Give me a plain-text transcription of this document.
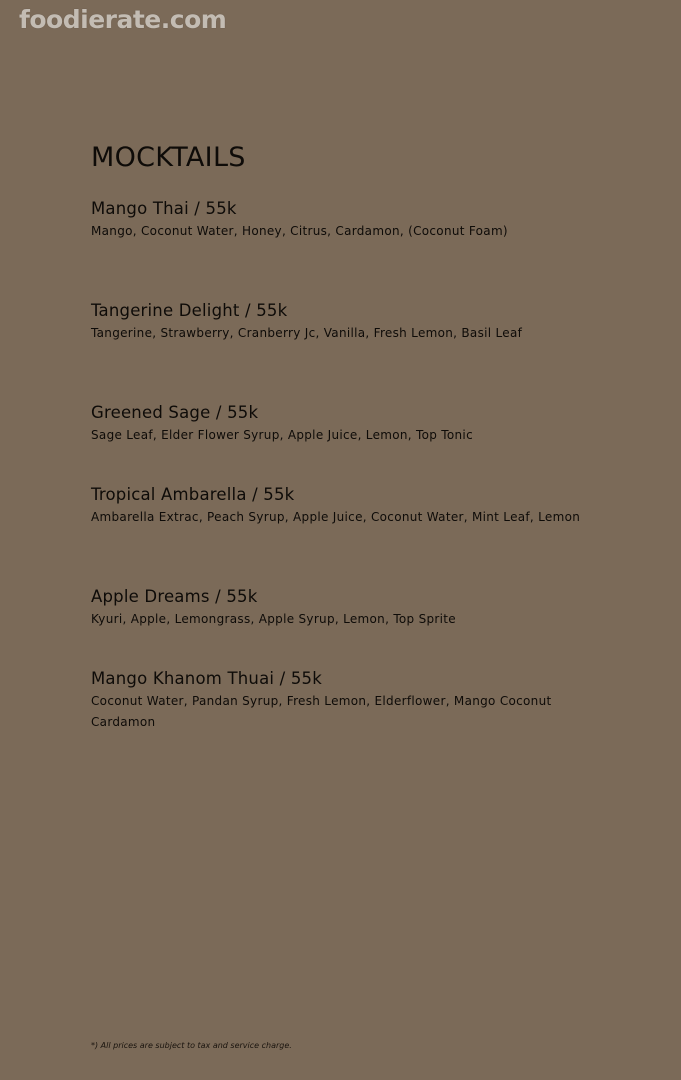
foodierate.com
MOCKTAILS
Mango Thai / 55k

Mango, Coconut Water, Honey, Citrus, Cardamon, (Coconut Foam)

Tangerine Delight / 55k

Tangerine, Strawberry, Cranberry Jc, Vanilla, Fresh Lemon, Basil Leaf

Greened Sage / 55k

Sage Leaf, Elder Flower Syrup, Apple Juice, Lemon, Top Tonic

Tropical Ambarella / 55k

Ambarella Extrac, Peach Syrup, Apple Juice, Coconut Water, Mint Leaf, Lemon

Apple Dreams / 55k

Kyuri, Apple, Lemongrass, Apple Syrup, Lemon, Top Sprite

Mango Khanom Thuai / 55k

Coconut Water, Pandan Syrup, Fresh Lemon, Elderflower, Mango Coconut Cardamon

*) All prices are subject to tax and service charge.
